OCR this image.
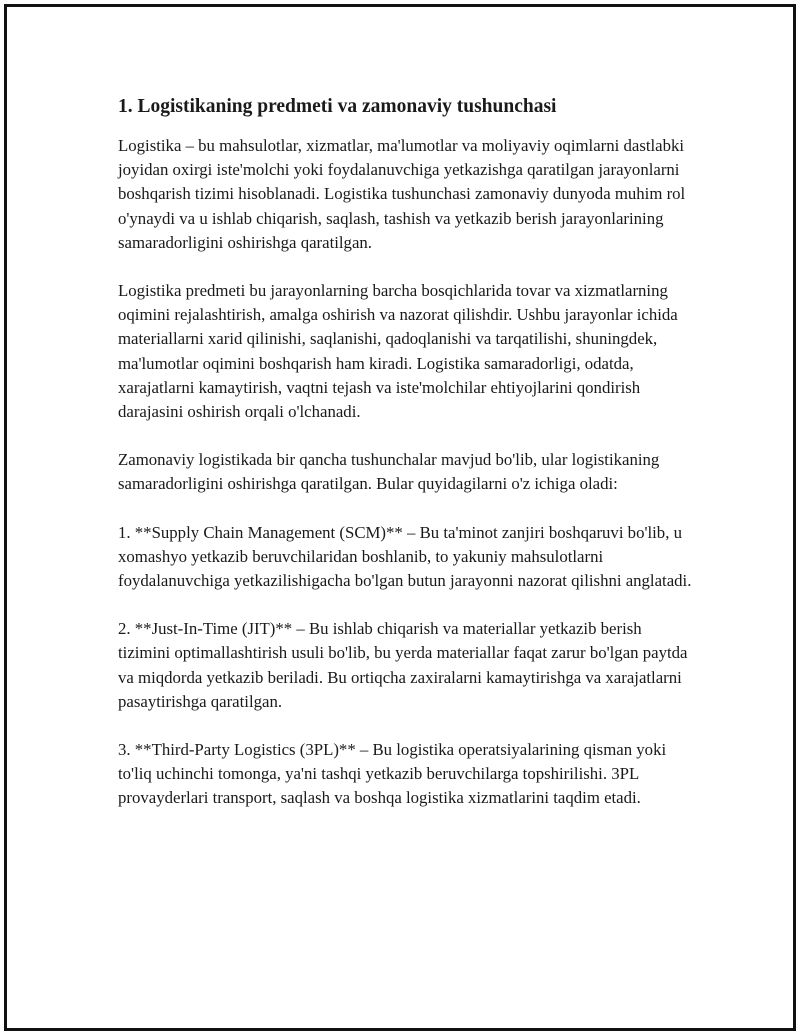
1. Logistikaning predmeti va zamonaviy tushunchasi

Logistika – bu mahsulotlar, xizmatlar, ma'lumotlar va moliyaviy oqimlarni dastlabki joyidan oxirgi iste'molchi yoki foydalanuvchiga yetkazishga qaratilgan jarayonlarni boshqarish tizimi hisoblanadi. Logistika tushunchasi zamonaviy dunyoda muhim rol o'ynaydi va u ishlab chiqarish, saqlash, tashish va yetkazib berish jarayonlarining samaradorligini oshirishga qaratilgan.

Logistika predmeti bu jarayonlarning barcha bosqichlarida tovar va xizmatlarning oqimini rejalashtirish, amalga oshirish va nazorat qilishdir. Ushbu jarayonlar ichida materiallarni xarid qilinishi, saqlanishi, qadoqlanishi va tarqatilishi, shuningdek, ma'lumotlar oqimini boshqarish ham kiradi. Logistika samaradorligi, odatda, xarajatlarni kamaytirish, vaqtni tejash va iste'molchilar ehtiyojlarini qondirish darajasini oshirish orqali o'lchanadi.

Zamonaviy logistikada bir qancha tushunchalar mavjud bo'lib, ular logistikaning samaradorligini oshirishga qaratilgan. Bular quyidagilarni o'z ichiga oladi:

1. **Supply Chain Management (SCM)** – Bu ta'minot zanjiri boshqaruvi bo'lib, u xomashyo yetkazib beruvchilaridan boshlanib, to yakuniy mahsulotlarni foydalanuvchiga yetkazilishigacha bo'lgan butun jarayonni nazorat qilishni anglatadi.

2. **Just-In-Time (JIT)** – Bu ishlab chiqarish va materiallar yetkazib berish tizimini optimallashtirish usuli bo'lib, bu yerda materiallar faqat zarur bo'lgan paytda va miqdorda yetkazib beriladi. Bu ortiqcha zaxiralarni kamaytirishga va xarajatlarni pasaytirishga qaratilgan.

3. **Third-Party Logistics (3PL)** – Bu logistika operatsiyalarining qisman yoki to'liq uchinchi tomonga, ya'ni tashqi yetkazib beruvchilarga topshirilishi. 3PL provayderlari transport, saqlash va boshqa logistika xizmatlarini taqdim etadi.
